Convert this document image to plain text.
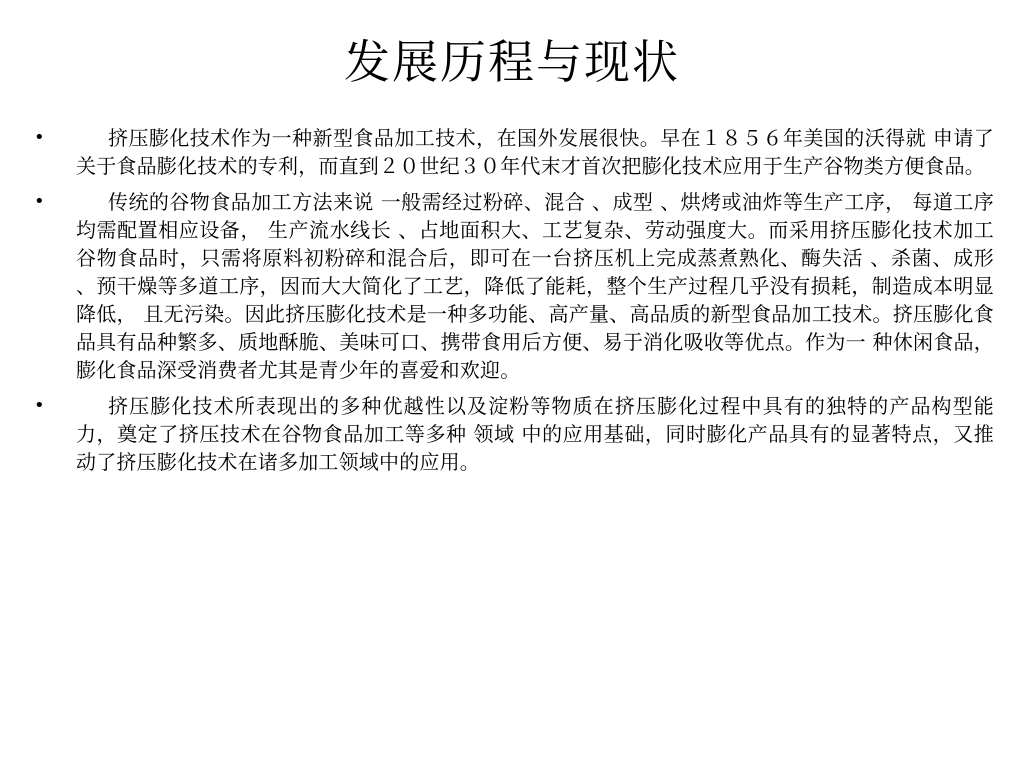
发展历程与现状
•	挤压膨化技术作为一种新型食品加工技术，在国外发展很快。早在１８５６年美国的沃得就 申请了关于食品膨化技术的专利，而直到２０世纪３０年代末才首次把膨化技术应用于生产谷物类方便食品。
•	传统的谷物食品加工方法来说 一般需经过粉碎、混合 、成型 、烘烤或油炸等生产工序， 每道工序均需配置相应设备， 生产流水线长 、占地面积大、工艺复杂、劳动强度大。而采用挤压膨化技术加工谷物食品时，只需将原料初粉碎和混合后，即可在一台挤压机上完成蒸煮熟化、酶失活 、杀菌、成形 、预干燥等多道工序，因而大大简化了工艺，降低了能耗，整个生产过程几乎没有损耗，制造成本明显降低， 且无污染。因此挤压膨化技术是一种多功能、高产量、高品质的新型食品加工技术。挤压膨化食品具有品种繁多、质地酥脆、美味可口、携带食用后方便、易于消化吸收等优点。作为一 种休闲食品，膨化食品深受消费者尤其是青少年的喜爱和欢迎。
•	挤压膨化技术所表现出的多种优越性以及淀粉等物质在挤压膨化过程中具有的独特的产品构型能力，奠定了挤压技术在谷物食品加工等多种 领域 中的应用基础，同时膨化产品具有的显著特点，又推动了挤压膨化技术在诸多加工领域中的应用。
